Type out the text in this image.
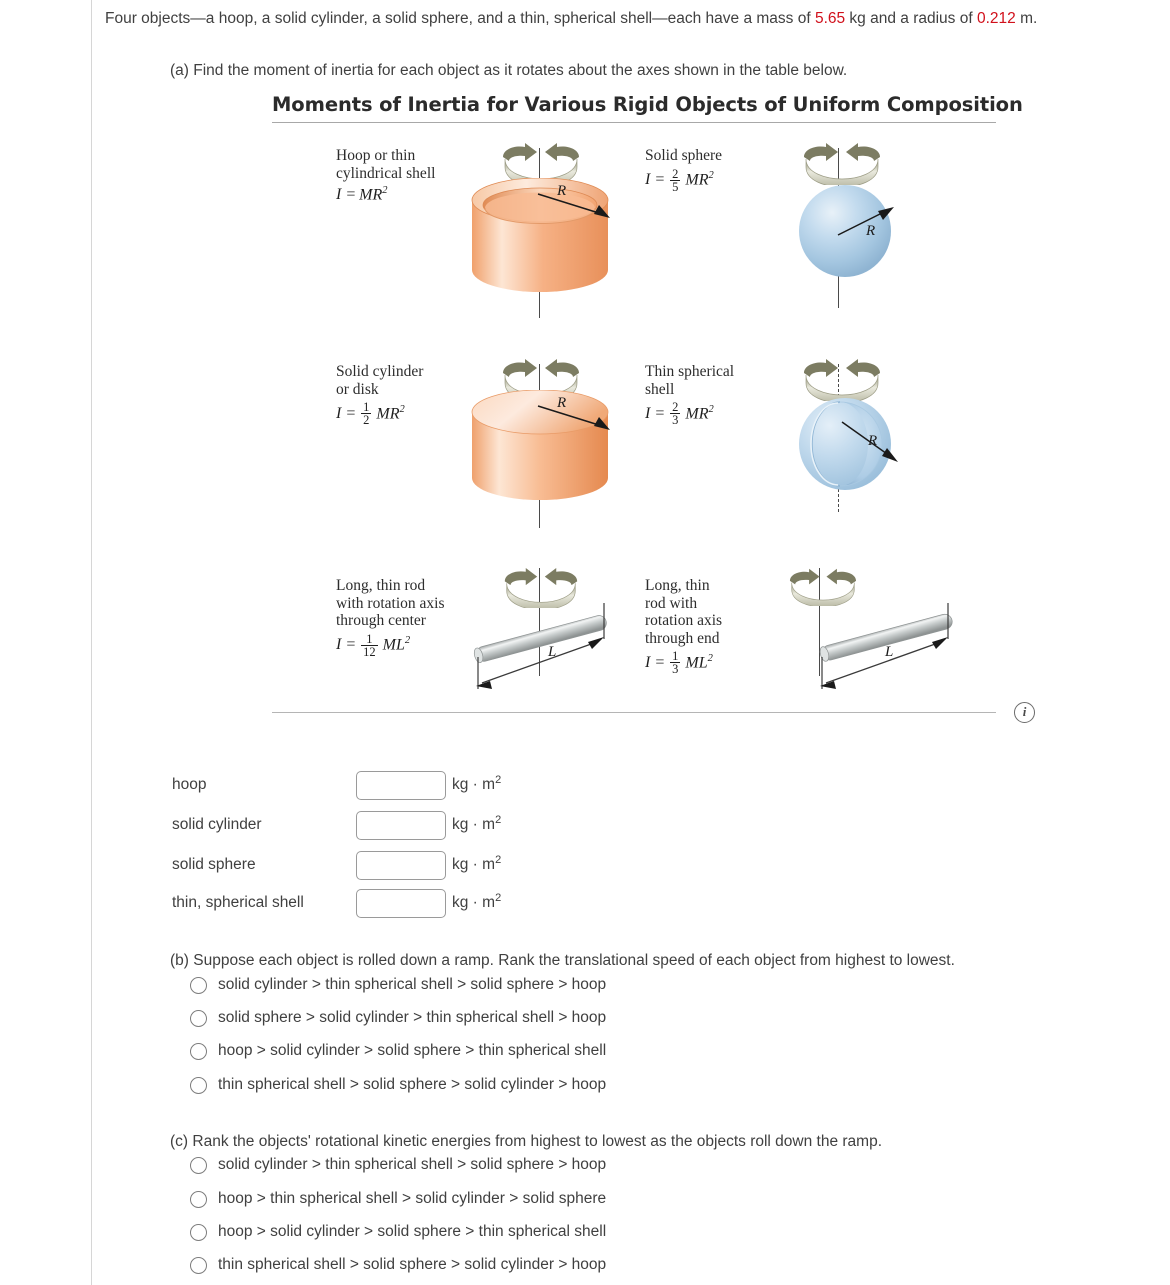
Four objects—a hoop, a solid cylinder, a solid sphere, and a thin, spherical shell—each have a mass of 5.65 kg and a radius of 0.212 m.
(a) Find the moment of inertia for each object as it rotates about the axes shown in the table below.
Moments of Inertia for Various Rigid Objects of Uniform Composition
i
Hoop or thin
cylindrical shell
$I = MR^2$	R
Solid sphere
$I = \frac{2}{5} MR^2$
R
Solid cylinder
or disk
$I = \frac{1}{2} MR^2$	R
Thin spherical
shell
$I = \frac{2}{3} MR^2$
R
Long, thin rod
with rotation axis
through center
$I = \frac{1}{12} ML^2$
L
Long, thin
rod with
rotation axis
through end
$I = \frac{1}{3} ML^2$	L
hoop	kg · $m^2$
solid cylinder	kg · $m^2$
solid sphere	kg · $m^2$
thin, spherical shell	kg · $m^2$
(b) Suppose each object is rolled down a ramp. Rank the translational speed of each object from highest to lowest.
solid cylinder > thin spherical shell > solid sphere > hoop
solid sphere > solid cylinder > thin spherical shell > hoop
hoop > solid cylinder > solid sphere > thin spherical shell
thin spherical shell > solid sphere > solid cylinder > hoop
(c) Rank the objects' rotational kinetic energies from highest to lowest as the objects roll down the ramp.
solid cylinder > thin spherical shell > solid sphere > hoop
hoop > thin spherical shell > solid cylinder > solid sphere
hoop > solid cylinder > solid sphere > thin spherical shell
thin spherical shell > solid sphere > solid cylinder > hoop
